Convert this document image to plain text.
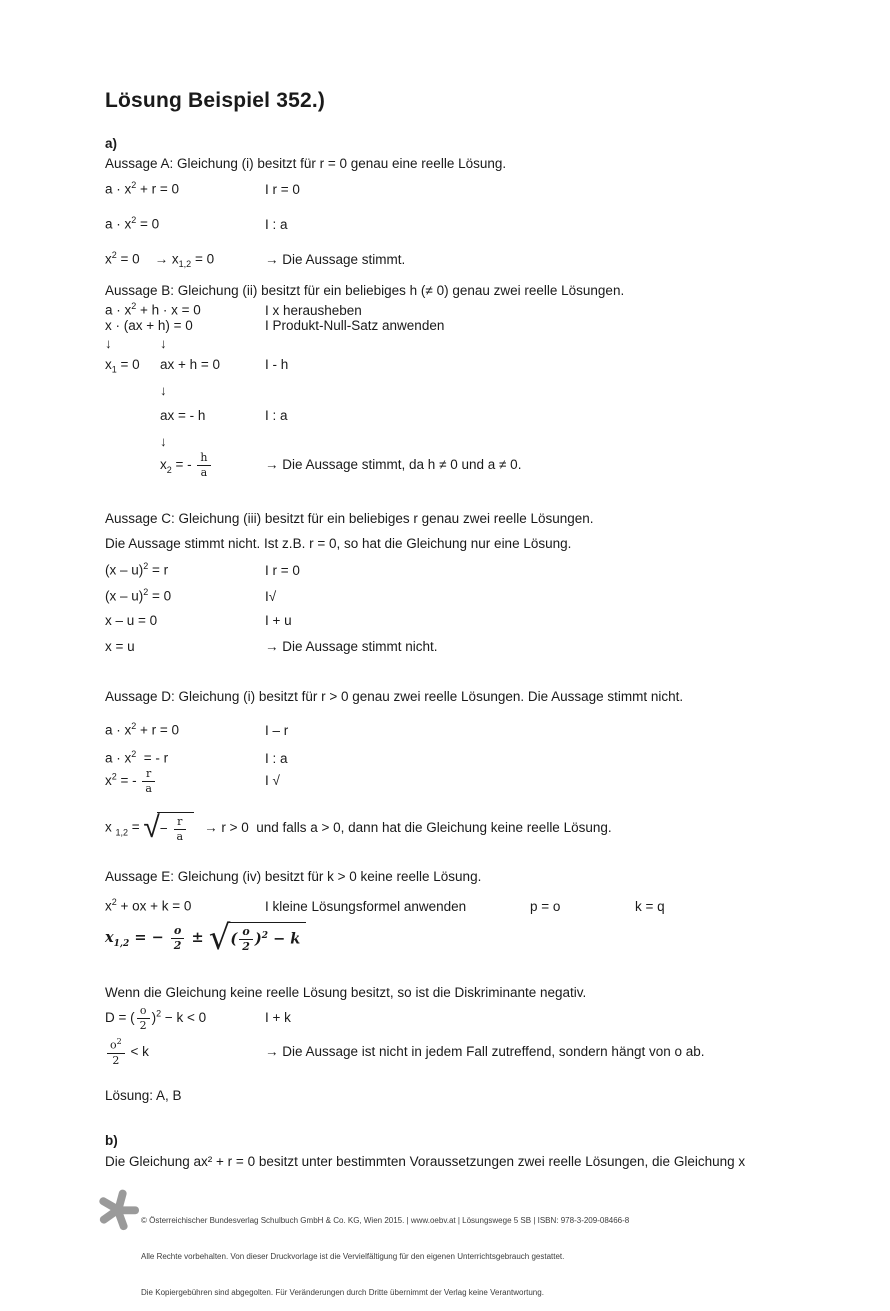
Lösung Beispiel 352.)
a)
Aussage A: Gleichung (i) besitzt für r = 0 genau eine reelle Lösung.
$a \cdot x^2 + r = 0$	I r = 0
$a \cdot x^2 = 0$	I : a
$x^2 = 0$    → $x_{1,2} = 0$	→ Die Aussage stimmt.
Aussage B: Gleichung (ii) besitzt für ein beliebiges h (≠ 0) genau zwei reelle Lösungen.
$a \cdot x^2 + h \cdot x = 0$	I x herausheben
x · (ax + h) = 0	I Produkt-Null-Satz anwenden
↓	↓
$x_1 = 0$	ax + h = 0	I - h
↓
ax = - h	I : a
↓
$x_2$ = - $\frac{h}{a}$	→ Die Aussage stimmt, da h ≠ 0 und a ≠ 0.
Aussage C: Gleichung (iii) besitzt für ein beliebiges r genau zwei reelle Lösungen.
Die Aussage stimmt nicht. Ist z.B. r = 0, so hat die Gleichung nur eine Lösung.
(x – u)$^2$ = r	I r = 0
(x – u)$^2$ = 0	I√
x – u = 0	I + u
x = u	→ Die Aussage stimmt nicht.
Aussage D: Gleichung (i) besitzt für r > 0 genau zwei reelle Lösungen. Die Aussage stimmt nicht.
$a \cdot x^2 + r = 0$	I – r
$a \cdot x^2$  = - r	I : a
$x^2$ = - $\frac{r}{a}$	I √
x $_{1,2}$ = √ − $\frac{r}{a} \to r > 0$  und falls a > 0, dann hat die Gleichung keine reelle Lösung.
Aussage E: Gleichung (iv) besitzt für k > 0 keine reelle Lösung.
$x^2$ + ox + k = 0	I kleine Lösungsformel anwenden	p = o	k = q
$x_{1,2}$ = − $\frac{o}{2}$ ± √ ( $\frac{o}{2} )^2 - k$
Wenn die Gleichung keine reelle Lösung besitzt, so ist die Diskriminante negativ.
D = ( $\frac{o}{2} )^2 - k < 0$	I + k
$\frac{o^2}{2} < k$	→ Die Aussage ist nicht in jedem Fall zutreffend, sondern hängt von o ab.
Lösung: A, B
b)
Die Gleichung ax² + r = 0 besitzt unter bestimmten Voraussetzungen zwei reelle Lösungen, die Gleichung x

© Österreichischer Bundesverlag Schulbuch GmbH & Co. KG, Wien 2015. | www.oebv.at | Lösungswege 5 SB | ISBN: 978-3-209-08466-8

Alle Rechte vorbehalten. Von dieser Druckvorlage ist die Vervielfältigung für den eigenen Unterrichtsgebrauch gestattet.

Die Kopiergebühren sind abgegolten. Für Veränderungen durch Dritte übernimmt der Verlag keine Verantwortung.
